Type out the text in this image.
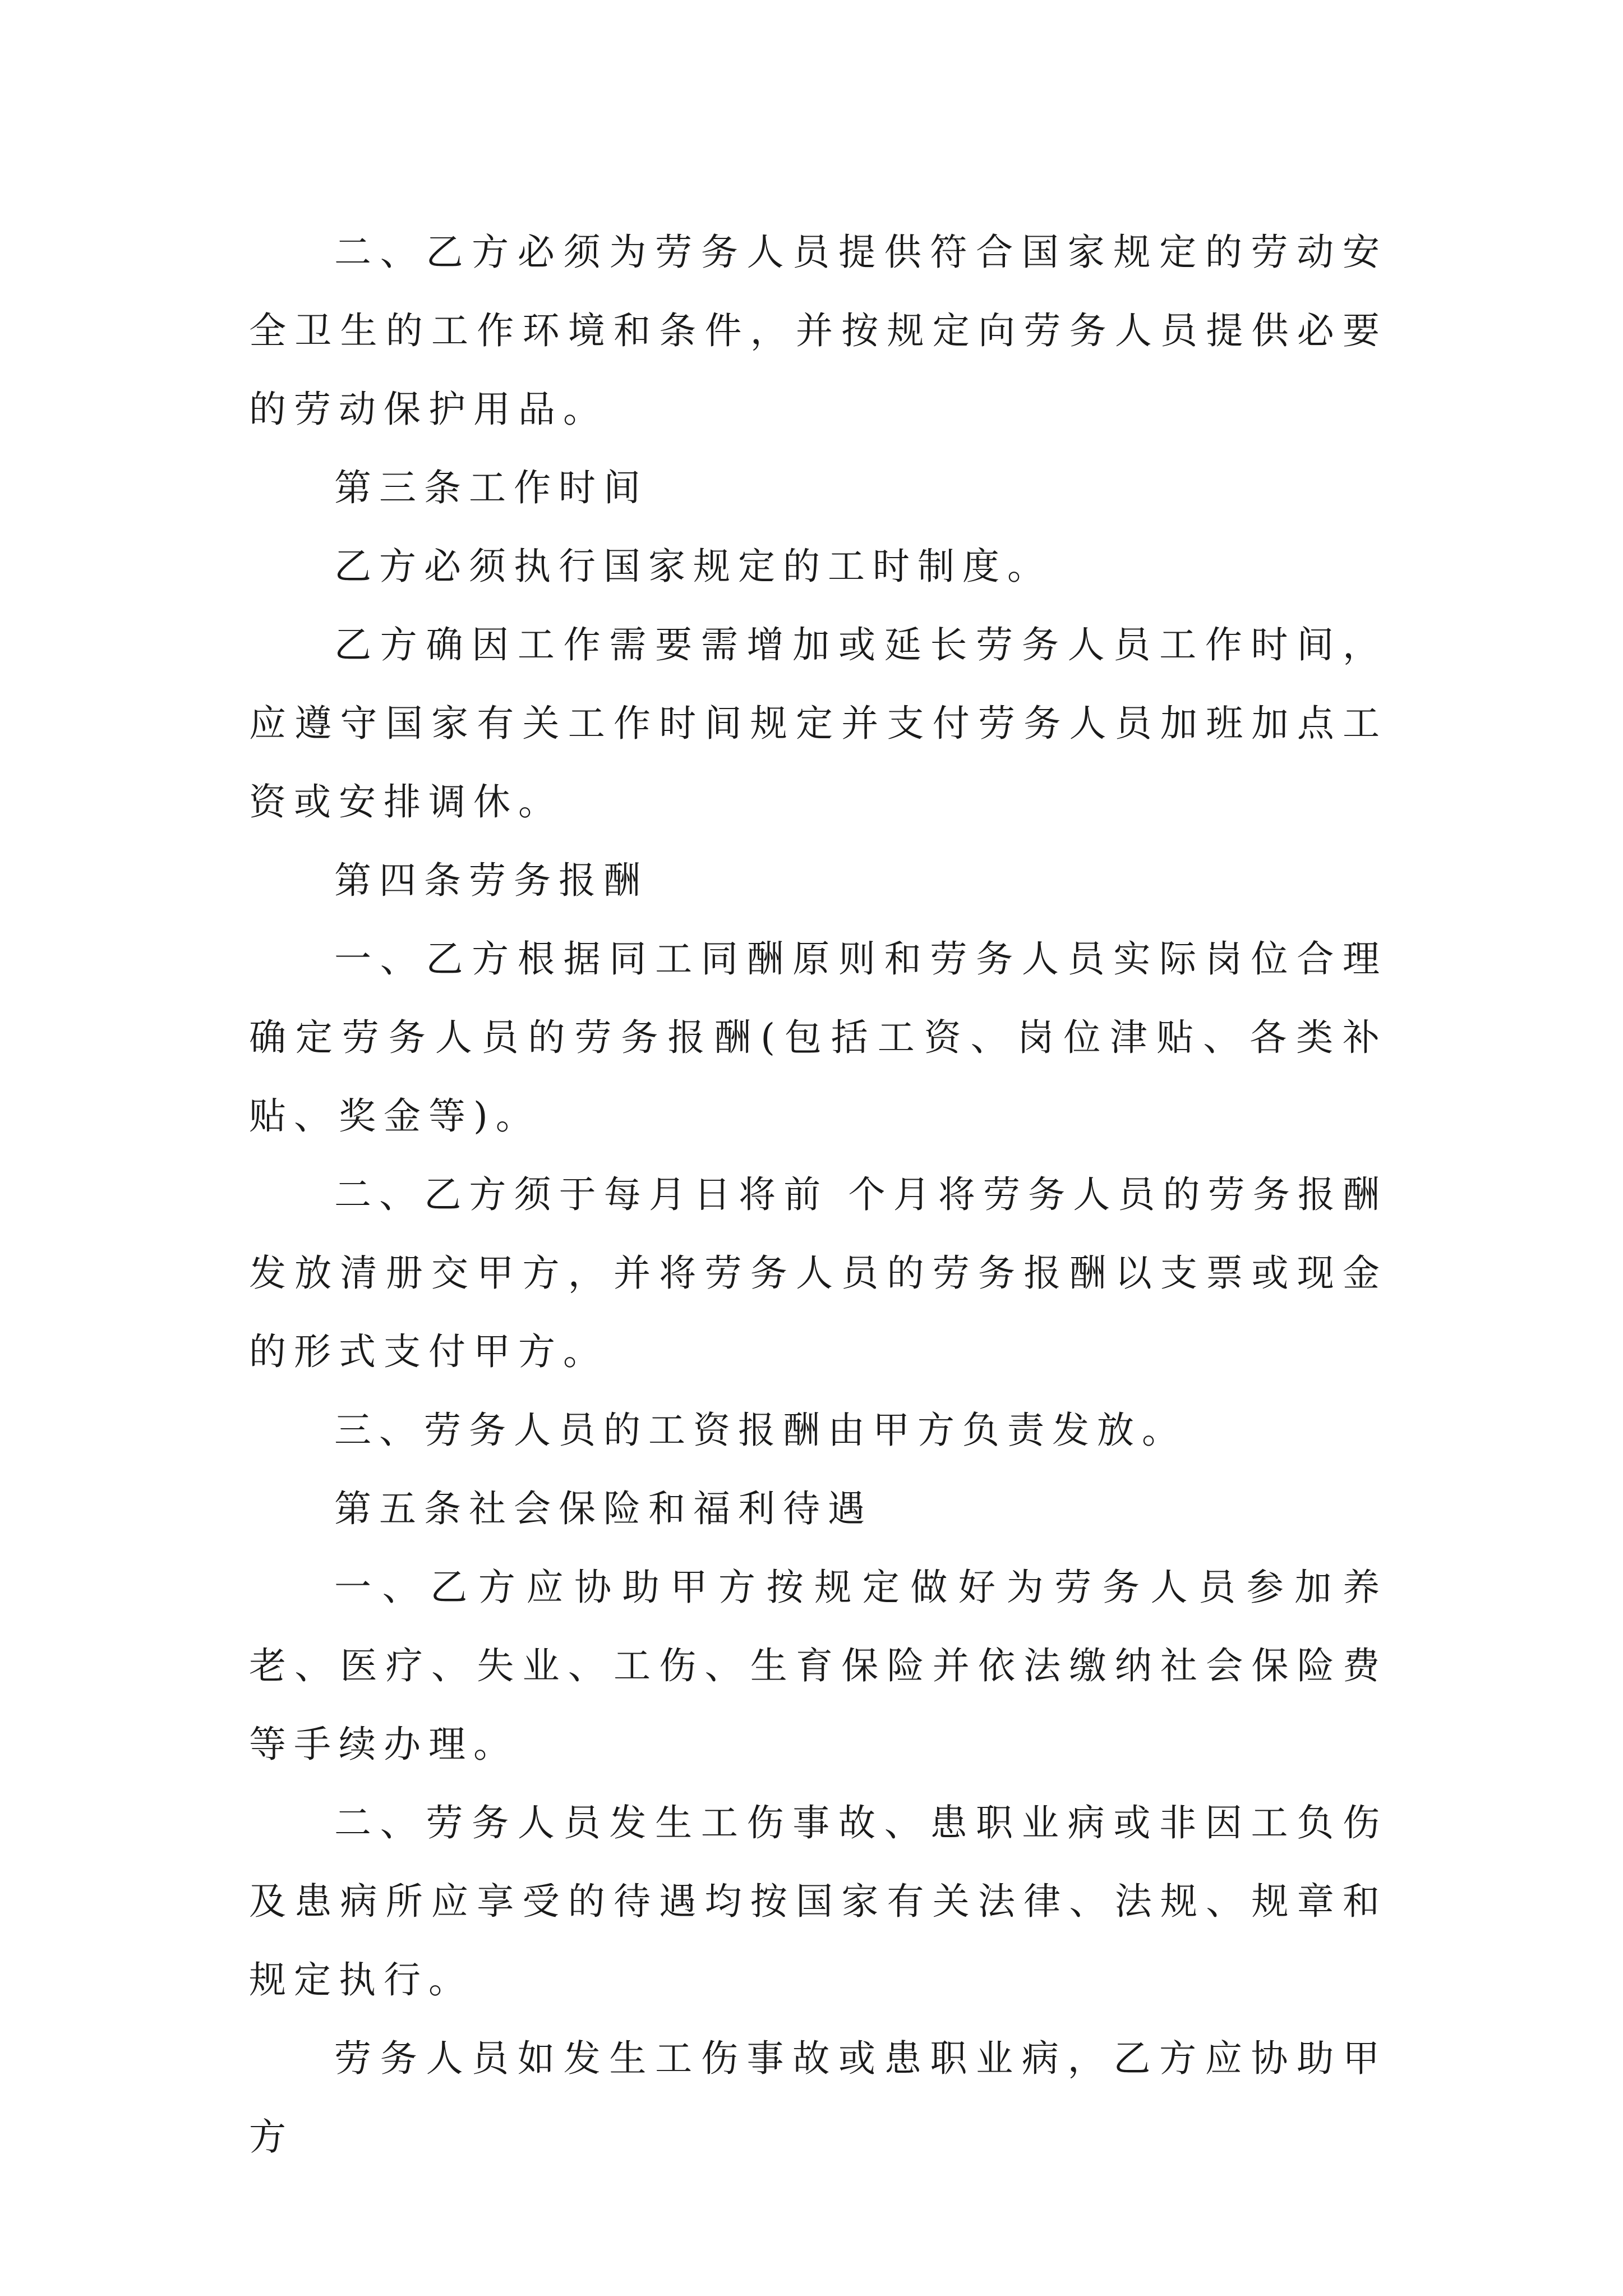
二、乙方必须为劳务人员提供符合国家规定的劳动安全卫生的工作环境和条件，并按规定向劳务人员提供必要的劳动保护用品。

第三条工作时间

乙方必须执行国家规定的工时制度。

乙方确因工作需要需增加或延长劳务人员工作时间，应遵守国家有关工作时间规定并支付劳务人员加班加点工资或安排调休。

第四条劳务报酬

一、乙方根据同工同酬原则和劳务人员实际岗位合理确定劳务人员的劳务报酬(包括工资、岗位津贴、各类补贴、奖金等)。

二、乙方须于每月日将前 个月将劳务人员的劳务报酬发放清册交甲方，并将劳务人员的劳务报酬以支票或现金的形式支付甲方。

三、劳务人员的工资报酬由甲方负责发放。

第五条社会保险和福利待遇

一、乙方应协助甲方按规定做好为劳务人员参加养老、医疗、失业、工伤、生育保险并依法缴纳社会保险费等手续办理。

二、劳务人员发生工伤事故、患职业病或非因工负伤及患病所应享受的待遇均按国家有关法律、法规、规章和规定执行。

劳务人员如发生工伤事故或患职业病，乙方应协助甲方
